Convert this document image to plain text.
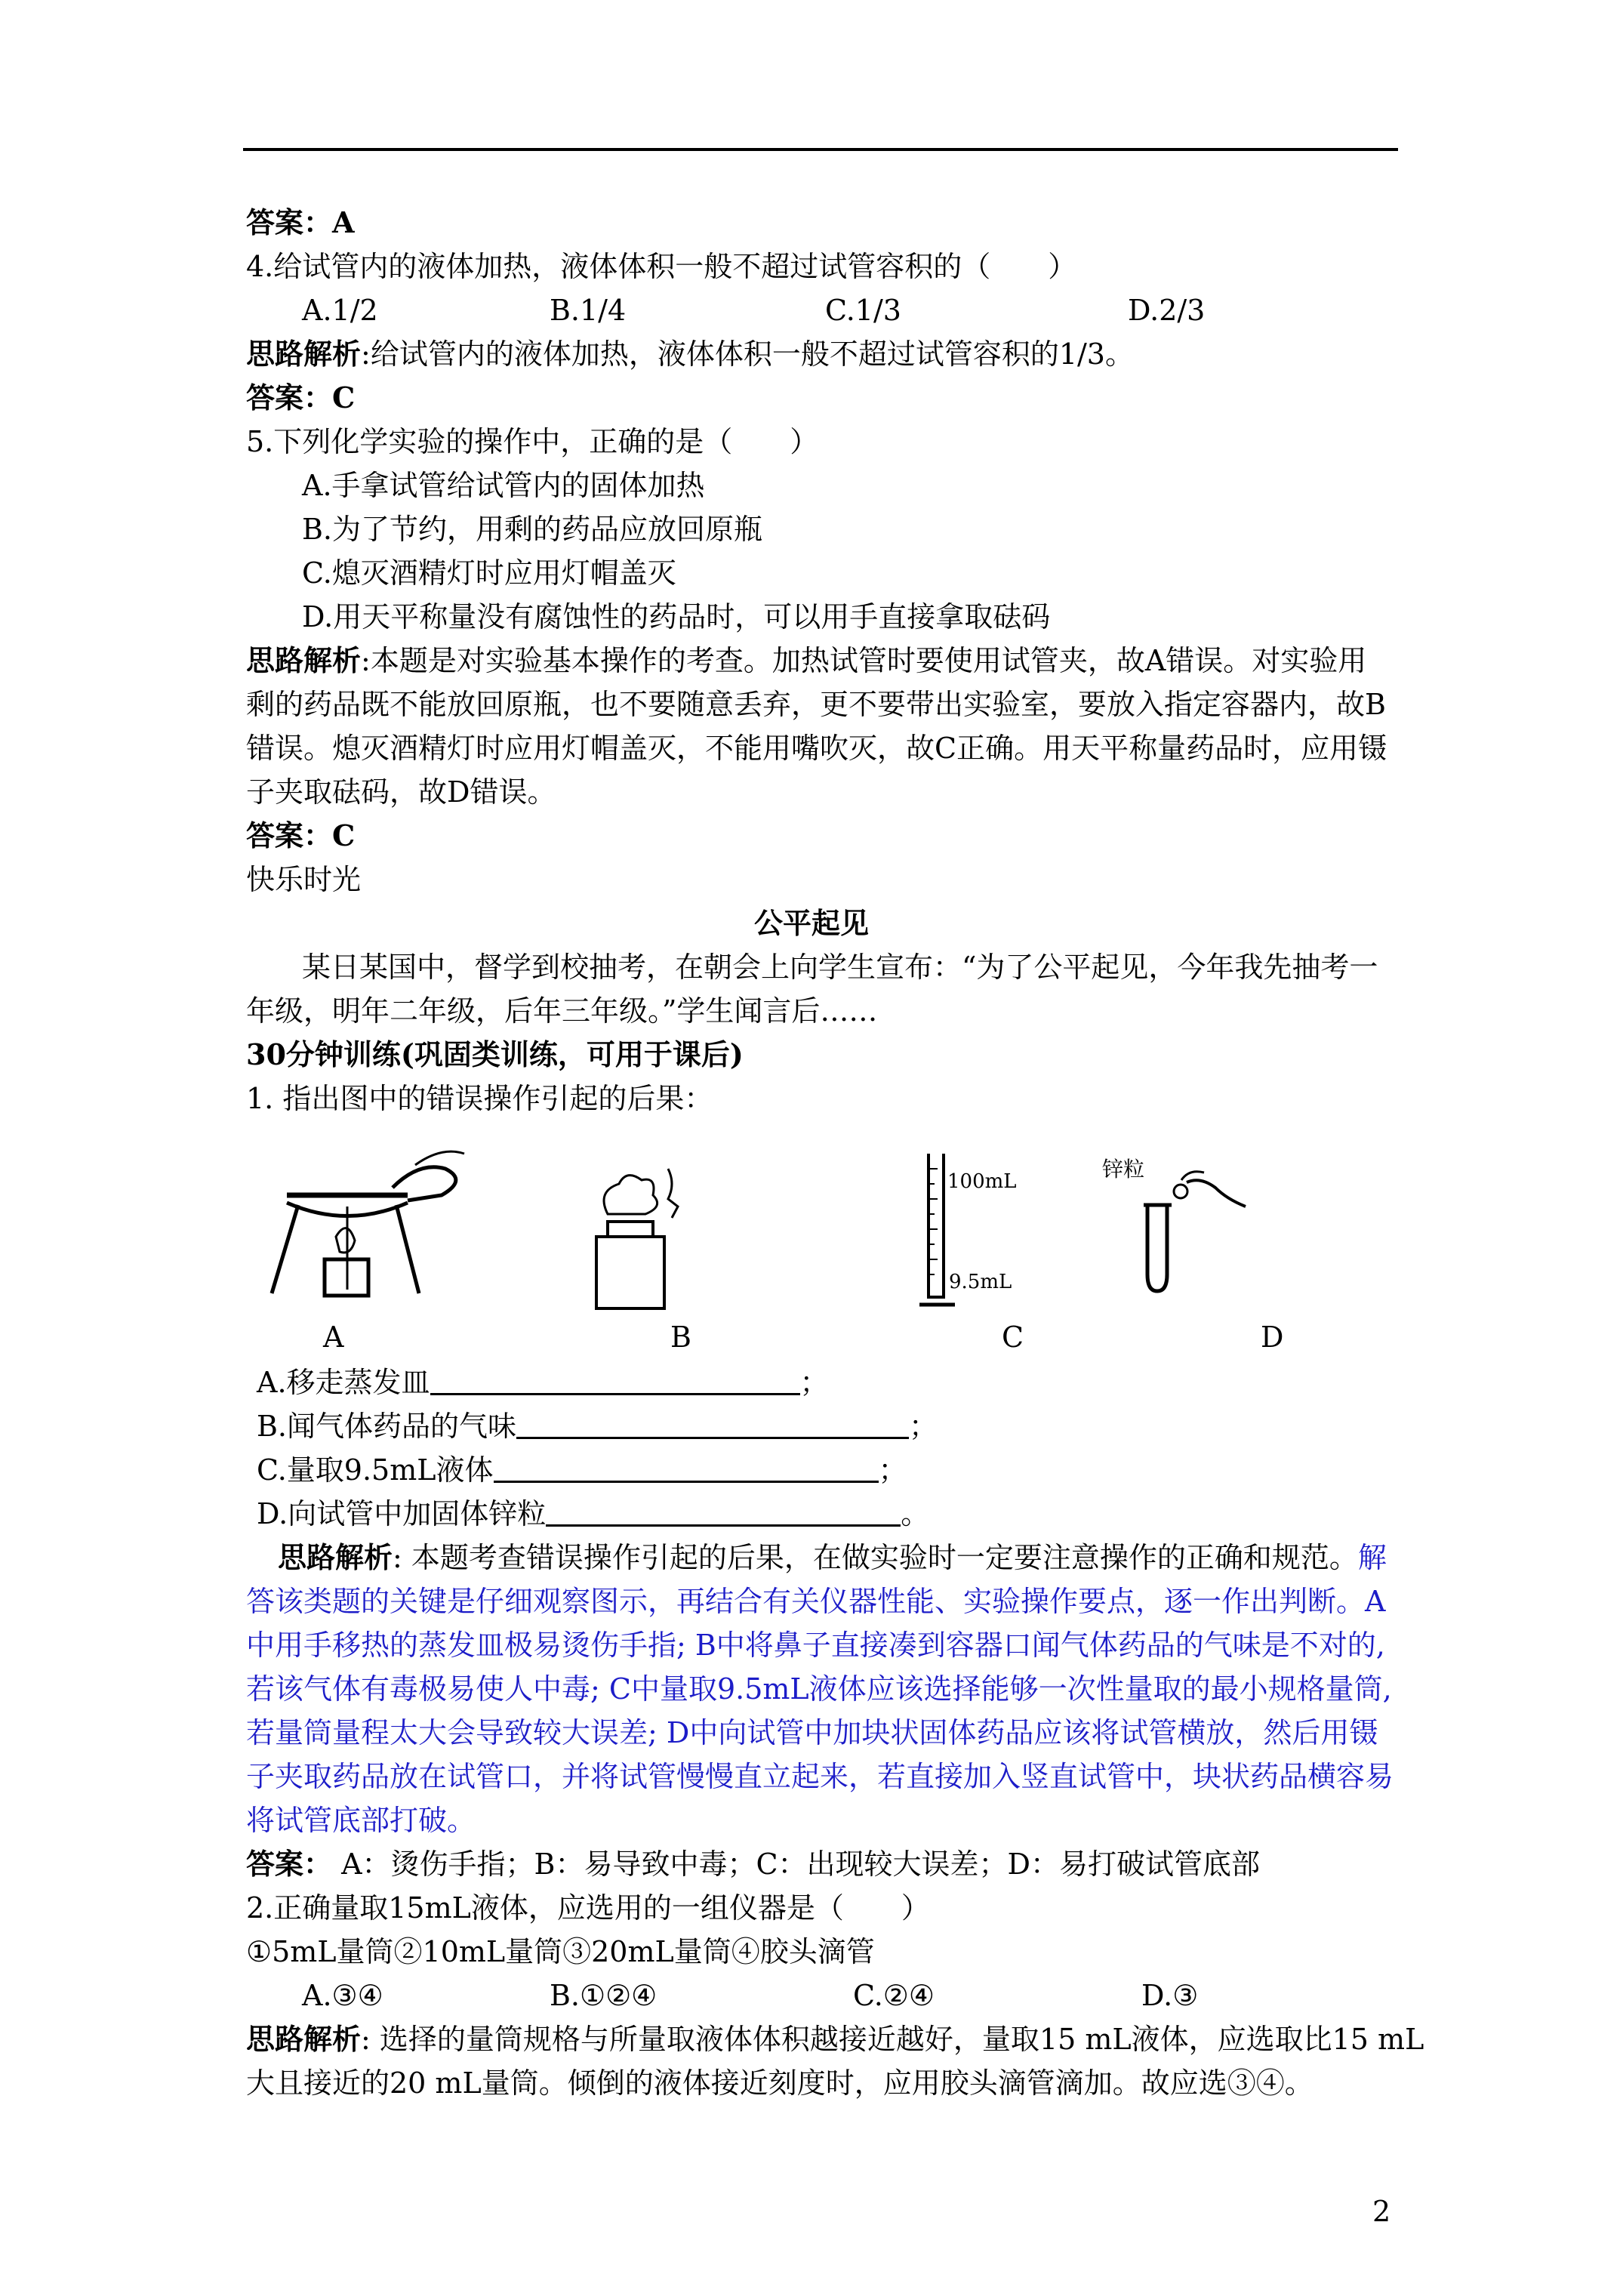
答案：A
4.给试管内的液体加热，液体体积一般不超过试管容积的（　　）
A.1/2	B.1/4	C.1/3	D.2/3
思路解析:给试管内的液体加热，液体体积一般不超过试管容积的1/3。
答案：C
5.下列化学实验的操作中，正确的是（　　）
A.手拿试管给试管内的固体加热
B.为了节约，用剩的药品应放回原瓶
C.熄灭酒精灯时应用灯帽盖灭
D.用天平称量没有腐蚀性的药品时，可以用手直接拿取砝码
思路解析:本题是对实验基本操作的考查。加热试管时要使用试管夹，故A错误。对实验用
剩的药品既不能放回原瓶，也不要随意丢弃，更不要带出实验室，要放入指定容器内，故B
错误。熄灭酒精灯时应用灯帽盖灭，不能用嘴吹灭，故C正确。用天平称量药品时，应用镊
子夹取砝码，故D错误。
答案：C
快乐时光
公平起见
某日某国中，督学到校抽考，在朝会上向学生宣布：“为了公平起见，今年我先抽考一
年级，明年二年级，后年三年级。”学生闻言后……
30分钟训练(巩固类训练，可用于课后)
1. 指出图中的错误操作引起的后果：
100mL
9.5mL
锌粒
A	B	C	D
A.移走蒸发皿	；
B.闻气体药品的气味	；
C.量取9.5mL液体	；
D.向试管中加固体锌粒	。
思路解析: 本题考查错误操作引起的后果，在做实验时一定要注意操作的正确和规范。解
答该类题的关键是仔细观察图示，再结合有关仪器性能、实验操作要点，逐一作出判断。A
中用手移热的蒸发皿极易烫伤手指; B中将鼻子直接凑到容器口闻气体药品的气味是不对的,
若该气体有毒极易使人中毒; C中量取9.5mL液体应该选择能够一次性量取的最小规格量筒,
若量筒量程太大会导致较大误差; D中向试管中加块状固体药品应该将试管横放，然后用镊
子夹取药品放在试管口，并将试管慢慢直立起来，若直接加入竖直试管中，块状药品横容易
将试管底部打破。
答案： A：烫伤手指；B：易导致中毒；C：出现较大误差；D：易打破试管底部
2.正确量取15mL液体，应选用的一组仪器是（　　）
①5mL量筒②10mL量筒③20mL量筒④胶头滴管
A.③④	B.①②④	C.②④	D.③
思路解析: 选择的量筒规格与所量取液体体积越接近越好，量取15 mL液体，应选取比15 mL
大且接近的20 mL量筒。倾倒的液体接近刻度时，应用胶头滴管滴加。故应选③④。
2
